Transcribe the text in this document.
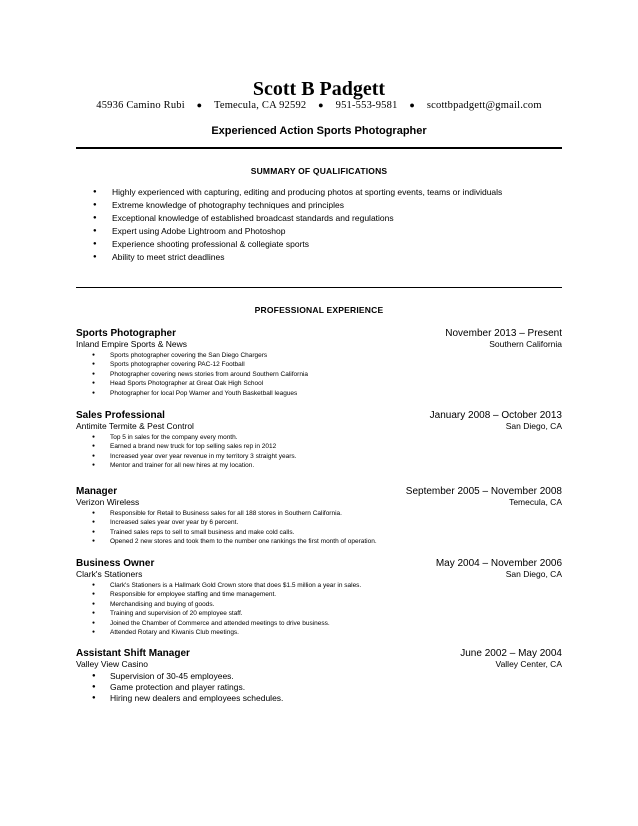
Scott B Padgett
45936 Camino Rubi ● Temecula, CA 92592 ● 951-553-9581 ● scottbpadgett@gmail.com
Experienced Action Sports Photographer
SUMMARY OF QUALIFICATIONS
● Highly experienced with capturing, editing and producing photos at sporting events, teams or individuals
● Extreme knowledge of photography techniques and principles
● Exceptional knowledge of established broadcast standards and regulations
● Expert using Adobe Lightroom and Photoshop
● Experience shooting professional & collegiate sports
● Ability to meet strict deadlines
PROFESSIONAL EXPERIENCE
Sports Photographer	November 2013 – Present
Inland Empire Sports & News	Southern California
● Sports photographer covering the San Diego Chargers
● Sports photographer covering PAC-12 Football
● Photographer covering news stories from around Southern California
● Head Sports Photographer at Great Oak High School
● Photographer for local Pop Warner and Youth Basketball leagues
Sales Professional	January 2008 – October 2013
Antimite Termite & Pest Control	San Diego, CA
● Top 5 in sales for the company every month.
● Earned a brand new truck for top selling sales rep in 2012
● Increased year over year revenue in my territory 3 straight years.
● Mentor and trainer for all new hires at my location.
Manager	September 2005 – November 2008
Verizon Wireless	Temecula, CA
● Responsible for Retail to Business sales for all 188 stores in Southern California.
● Increased sales year over year by 6 percent.
● Trained sales reps to sell to small business and make cold calls.
● Opened 2 new stores and took them to the number one rankings the first month of operation.
Business Owner	May 2004 – November 2006
Clark's Stationers	San Diego, CA
● Clark's Stationers is a Hallmark Gold Crown store that does $1.5 million a year in sales.
● Responsible for employee staffing and time management.
● Merchandising and buying of goods.
● Training and supervision of 20 employee staff.
● Joined the Chamber of Commerce and attended meetings to drive business.
● Attended Rotary and Kiwanis Club meetings.
Assistant Shift Manager	June 2002 – May 2004
Valley View Casino	Valley Center, CA
● Supervision of 30-45 employees.
● Game protection and player ratings.
● Hiring new dealers and employees schedules.
